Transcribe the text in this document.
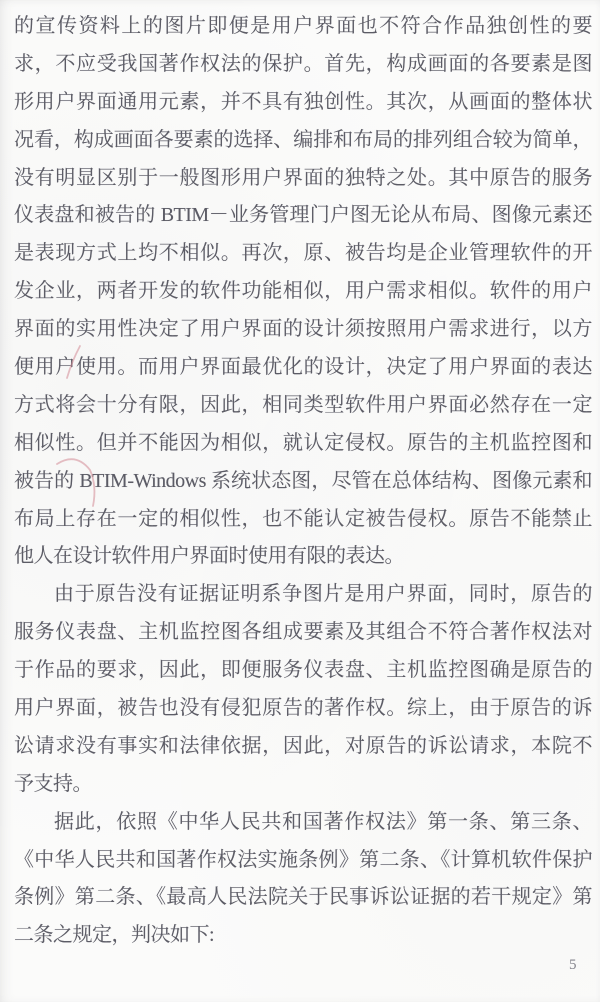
的宣传资料上的图片即便是用户界面也不符合作品独创性的要
求，不应受我国著作权法的保护。首先，构成画面的各要素是图
形用户界面通用元素，并不具有独创性。其次，从画面的整体状
况看，构成画面各要素的选择、编排和布局的排列组合较为简单，
没有明显区别于一般图形用户界面的独特之处。其中原告的服务
仪表盘和被告的 BTIM－业务管理门户图无论从布局、图像元素还
是表现方式上均不相似。再次，原、被告均是企业管理软件的开
发企业，两者开发的软件功能相似，用户需求相似。软件的用户
界面的实用性决定了用户界面的设计须按照用户需求进行，以方
便用户使用。而用户界面最优化的设计，决定了用户界面的表达
方式将会十分有限，因此，相同类型软件用户界面必然存在一定
相似性。但并不能因为相似，就认定侵权。原告的主机监控图和
被告的 BTIM-Windows 系统状态图，尽管在总体结构、图像元素和
布局上存在一定的相似性，也不能认定被告侵权。原告不能禁止
他人在设计软件用户界面时使用有限的表达。
由于原告没有证据证明系争图片是用户界面，同时，原告的
服务仪表盘、主机监控图各组成要素及其组合不符合著作权法对
于作品的要求，因此，即便服务仪表盘、主机监控图确是原告的
用户界面，被告也没有侵犯原告的著作权。综上，由于原告的诉
讼请求没有事实和法律依据，因此，对原告的诉讼请求，本院不
予支持。
据此，依照《中华人民共和国著作权法》第一条、第三条、
《中华人民共和国著作权法实施条例》第二条、《计算机软件保护
条例》第二条、《最高人民法院关于民事诉讼证据的若干规定》第
二条之规定，判决如下:
5
